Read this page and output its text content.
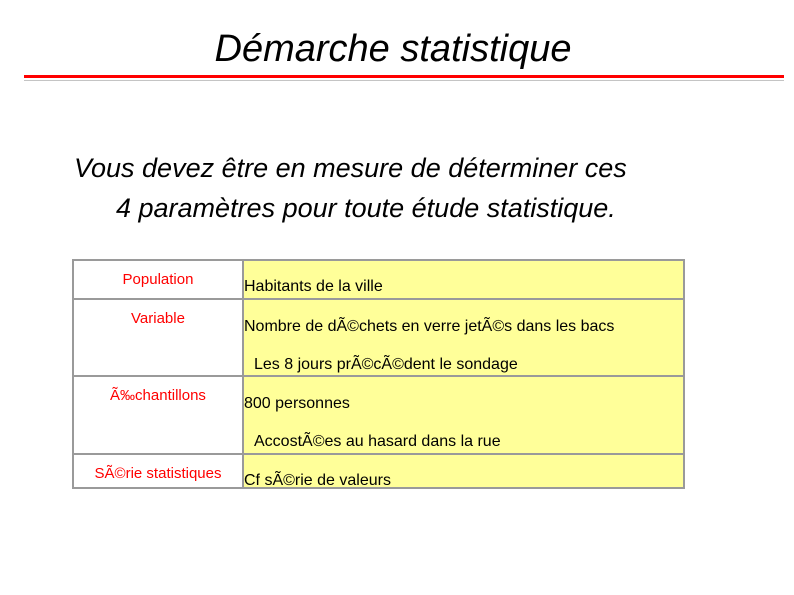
Démarche statistique
Vous devez être en mesure de déterminer ces
4 paramètres pour toute étude statistique.
Population	Habitants de la ville
Variable	Nombre de dÃ©chets en verre jetÃ©s dans les bacs
Les 8 jours prÃ©cÃ©dent le sondage
Ã‰chantillons	800 personnes
AccostÃ©es au hasard dans la rue
SÃ©rie statistiques	Cf sÃ©rie de valeurs
